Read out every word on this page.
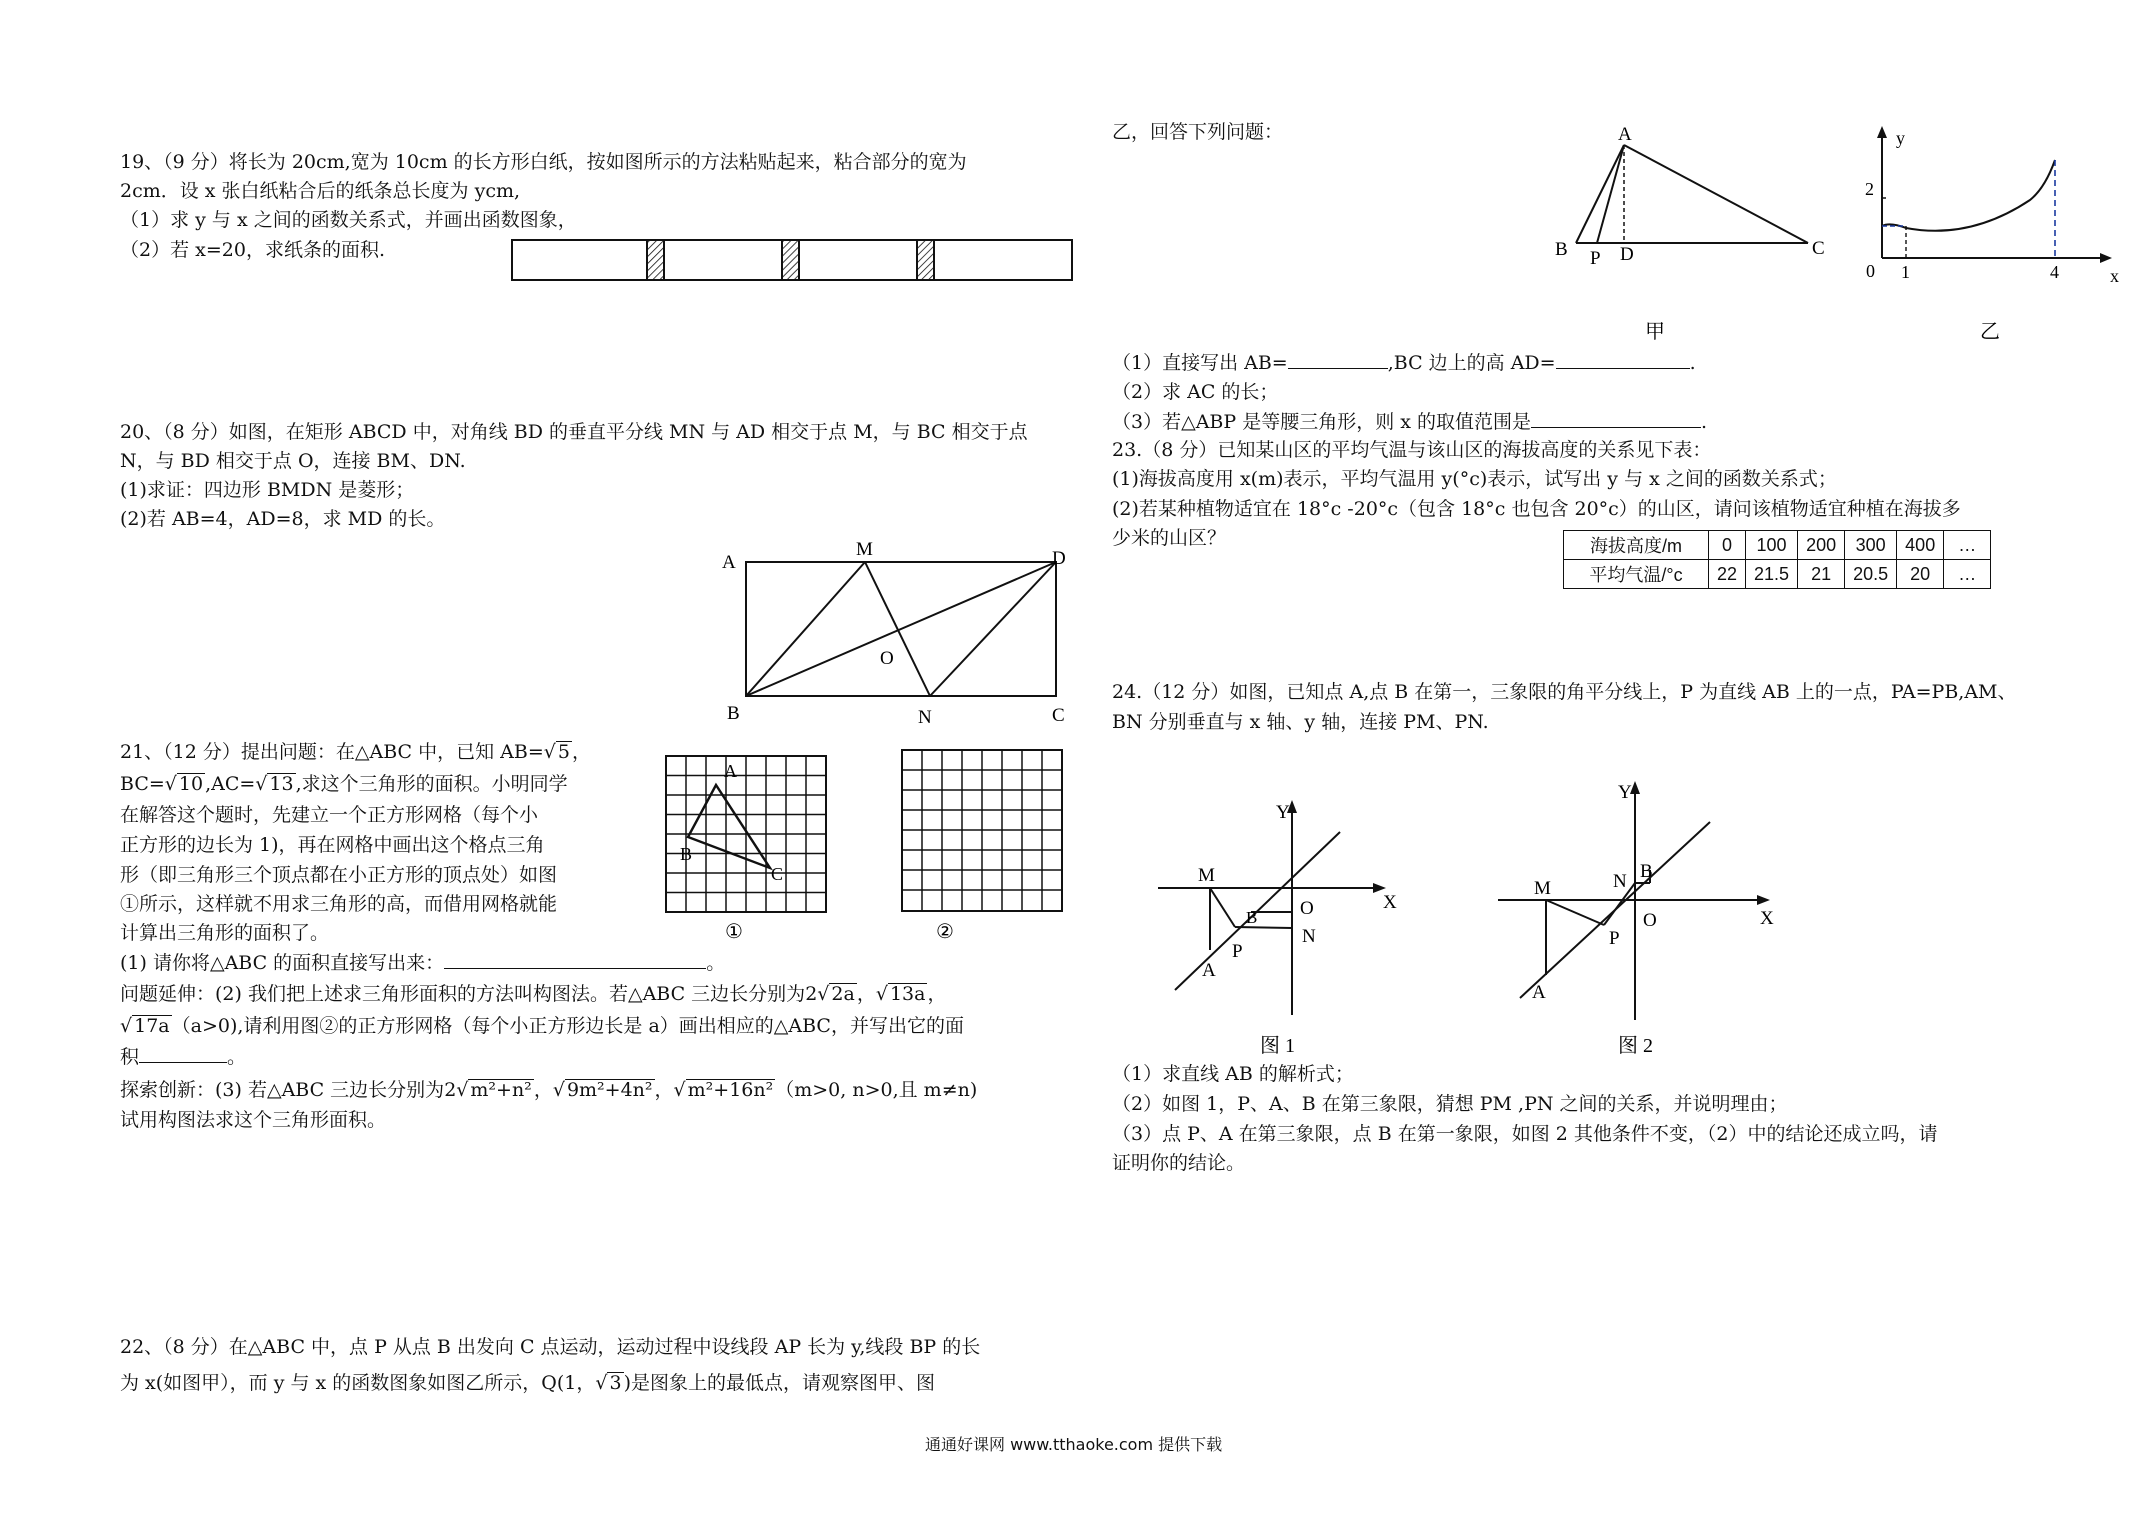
19、（9 分）将长为 20cm,宽为 10cm 的长方形白纸，按如图所示的方法粘贴起来，粘合部分的宽为
2cm．设 x 张白纸粘合后的纸条总长度为 ycm,
（1）求 y 与 x 之间的函数关系式，并画出函数图象，
（2）若 x=20，求纸条的面积.
20、（8 分）如图，在矩形 ABCD 中，对角线 BD 的垂直平分线 MN 与 AD 相交于点 M，与 BC 相交于点
N，与 BD 相交于点 O，连接 BM、DN.
(1)求证：四边形 BMDN 是菱形；
(2)若 AB=4，AD=8，求 MD 的长。
A
M	D
O
B	N	C
21、（12 分）提出问题：在△ABC 中，已知 AB=√ 5 ，
BC=√ 10 ,AC=√ 13 ,求这个三角形的面积。小明同学
在解答这个题时，先建立一个正方形网格（每个小
正方形的边长为 1)，再在网格中画出这个格点三角
形（即三角形三个顶点都在小正方形的顶点处）如图
①所示，这样就不用求三角形的高，而借用网格就能
计算出三角形的面积了。
(1) 请你将△ABC 的面积直接写出来：	。
问题延伸：(2) 我们把上述求三角形面积的方法叫构图法。若△ABC 三边长分别为2√ 2a ，√ 13a ，
√ 17a （a>0),请利用图②的正方形网格（每个小正方形边长是 a）画出相应的△ABC，并写出它的面
积	。
探索创新：(3) 若△ABC 三边长分别为2√ m²+n² ，√ 9m²+4n² ，√ m²+16n² （m>0, n>0,且 m≠n)
试用构图法求这个三角形面积。
A
B
C
①	②
22、（8 分）在△ABC 中，点 P 从点 B 出发向 C 点运动，运动过程中设线段 AP 长为 y,线段 BP 的长
为 x(如图甲），而 y 与 x 的函数图象如图乙所示，Q(1，√ 3 )是图象上的最低点，请观察图甲、图
乙，回答下列问题：	A
B P D	C
甲
y
x
2
0 1	4
乙
（1）直接写出 AB=	,BC 边上的高 AD=	.
（2）求 AC 的长；
（3）若△ABP 是等腰三角形，则 x 的取值范围是	.
23.（8 分）已知某山区的平均气温与该山区的海拔高度的关系见下表：
(1)海拔高度用 x(m)表示，平均气温用 y(°c)表示，试写出 y 与 x 之间的函数关系式；
(2)若某种植物适宜在 18°c -20°c（包含 18°c 也包含 20°c）的山区，请问该植物适宜种植在海拔多
少米的山区？	海拔高度/m	0	100	200	300	400	…
平均气温/°c	22	21.5	21	20.5	20	…
24.（12 分）如图，已知点 A,点 B 在第一，三象限的角平分线上，P 为直线 AB 上的一点，PA=PB,AM、
BN 分别垂直与 x 轴、y 轴，连接 PM、PN.
M
Y
X
B O
N
P
A
图 1
Y
X
M	N B
O
P
A
图 2
（1）求直线 AB 的解析式；
（2）如图 1，P、A、B 在第三象限，猜想 PM ,PN 之间的关系，并说明理由；
（3）点 P、A 在第三象限，点 B 在第一象限，如图 2 其他条件不变，（2）中的结论还成立吗，请
证明你的结论。
通通好课网 www.tthaoke.com 提供下载
